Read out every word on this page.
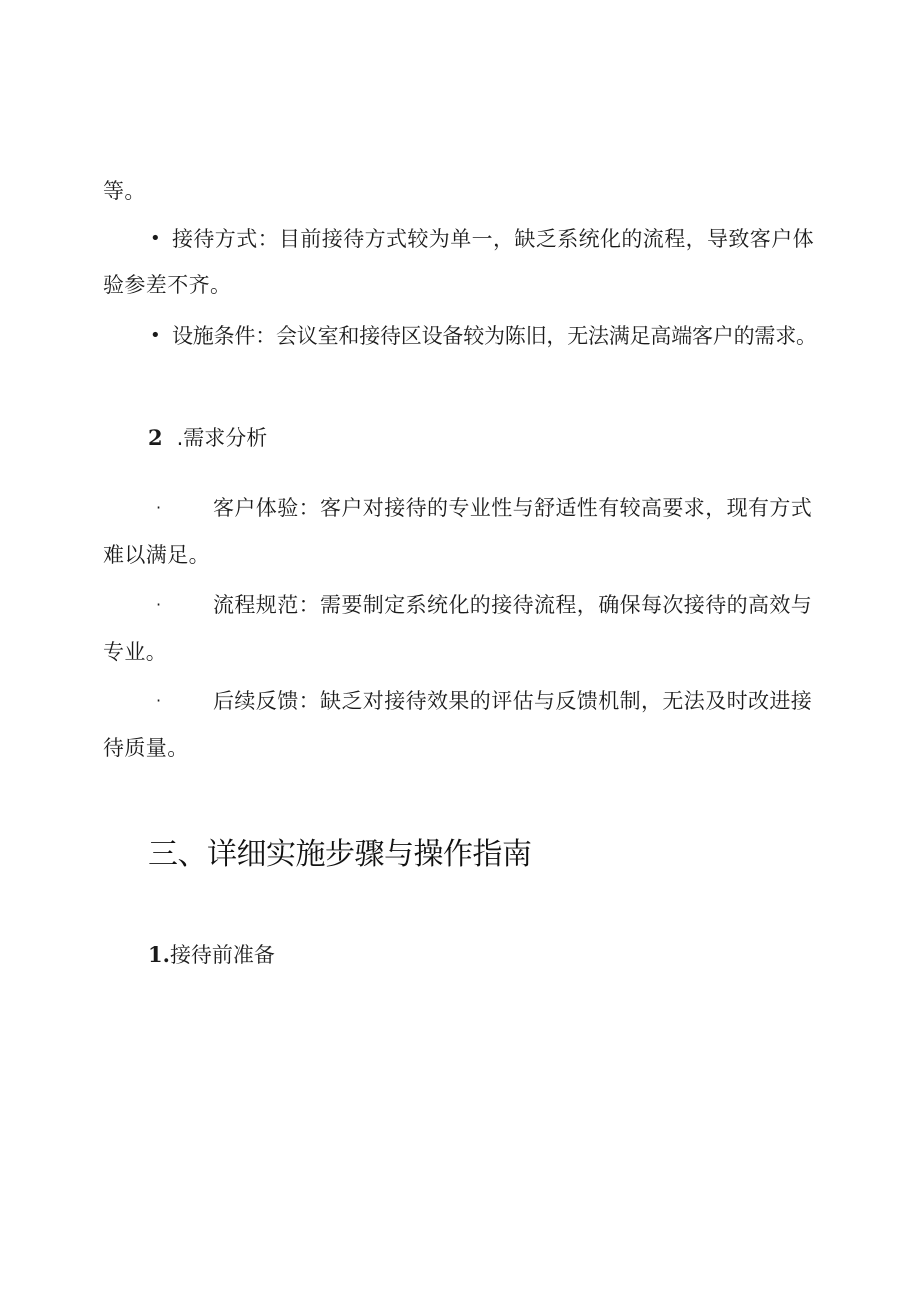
等。
• 接待方式：目前接待方式较为单一，缺乏系统化的流程，导致客户体
验参差不齐。
• 设施条件：会议室和接待区设备较为陈旧，无法满足高端客户的需求。
2 .需求分析
· 客户体验：客户对接待的专业性与舒适性有较高要求，现有方式
难以满足。
· 流程规范：需要制定系统化的接待流程，确保每次接待的高效与
专业。
· 后续反馈：缺乏对接待效果的评估与反馈机制，无法及时改进接
待质量。
三、详细实施步骤与操作指南
1.接待前准备
